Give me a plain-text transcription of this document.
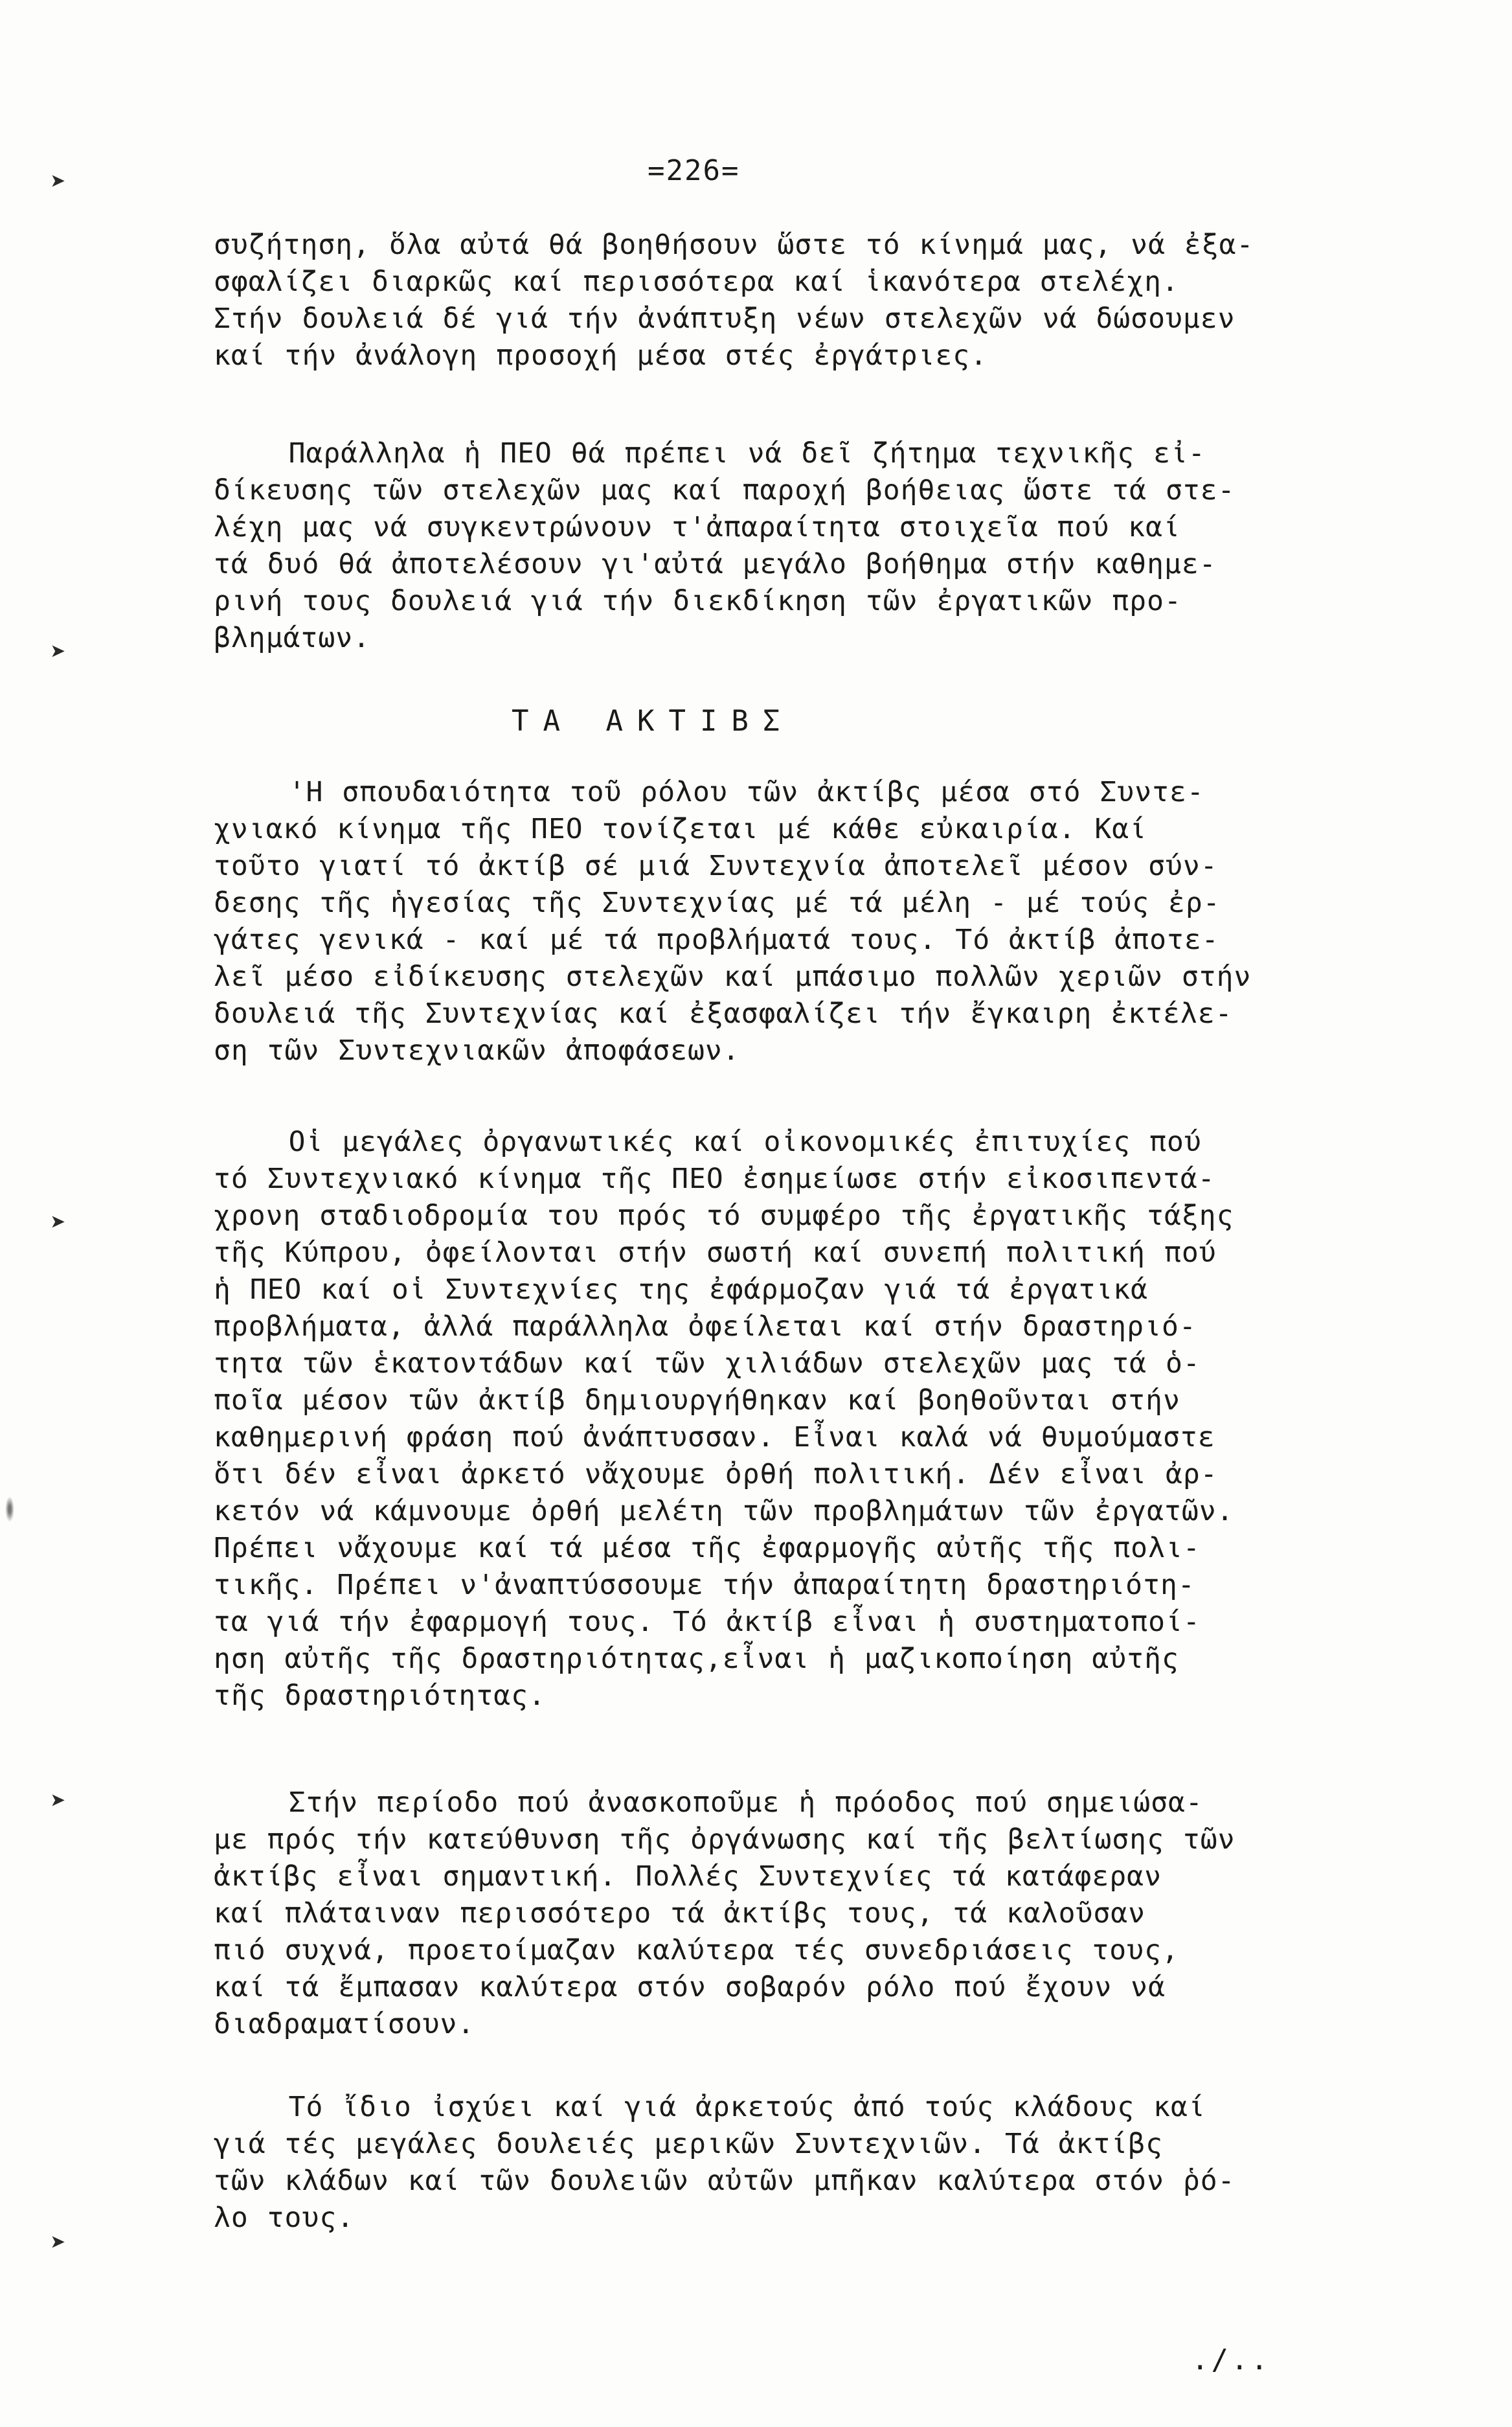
➤
➤
➤
➤
➤
=226=
συζήτηση, ὅλα αὐτά θά βοηθήσουν ὥστε τό κίνημά μας, νά ἐξα-
σφαλίζει διαρκῶς καί περισσότερα καί ἱκανότερα στελέχη.
Στήν δουλειά δέ γιά τήν ἀνάπτυξη νέων στελεχῶν νά δώσουμεν
καί τήν ἀνάλογη προσοχή μέσα στές ἐργάτριες.
Παράλληλα ἡ ΠΕΟ θά πρέπει νά δεῖ ζήτημα τεχνικῆς εἰ-
δίκευσης τῶν στελεχῶν μας καί παροχή βοήθειας ὥστε τά στε-
λέχη μας νά συγκεντρώνουν τ'ἀπαραίτητα στοιχεῖα πού καί
τά δυό θά ἀποτελέσουν γι'αὐτά μεγάλο βοήθημα στήν καθημε-
ρινή τους δουλειά γιά τήν διεκδίκηση τῶν ἐργατικῶν προ-
βλημάτων.
ΤΑ ΑΚΤΙΒΣ
'Η σπουδαιότητα τοῦ ρόλου τῶν ἀκτίβς μέσα στό Συντε-
χνιακό κίνημα τῆς ΠΕΟ τονίζεται μέ κάθε εὐκαιρία. Καί
τοῦτο γιατί τό ἀκτίβ σέ μιά Συντεχνία ἀποτελεῖ μέσον σύν-
δεσης τῆς ἡγεσίας τῆς Συντεχνίας μέ τά μέλη - μέ τούς ἐρ-
γάτες γενικά - καί μέ τά προβλήματά τους. Τό ἀκτίβ ἀποτε-
λεῖ μέσο εἰδίκευσης στελεχῶν καί μπάσιμο πολλῶν χεριῶν στήν
δουλειά τῆς Συντεχνίας καί ἐξασφαλίζει τήν ἔγκαιρη ἐκτέλε-
ση τῶν Συντεχνιακῶν ἀποφάσεων.
Οἱ μεγάλες ὀργανωτικές καί οἰκονομικές ἐπιτυχίες πού
τό Συντεχνιακό κίνημα τῆς ΠΕΟ ἐσημείωσε στήν εἰκοσιπεντά-
χρονη σταδιοδρομία του πρός τό συμφέρο τῆς ἐργατικῆς τάξης
τῆς Κύπρου, ὀφείλονται στήν σωστή καί συνεπή πολιτική πού
ἡ ΠΕΟ καί οἱ Συντεχνίες της ἐφάρμοζαν γιά τά ἐργατικά
προβλήματα, ἀλλά παράλληλα ὀφείλεται καί στήν δραστηριό-
τητα τῶν ἑκατοντάδων καί τῶν χιλιάδων στελεχῶν μας τά ὁ-
ποῖα μέσον τῶν ἀκτίβ δημιουργήθηκαν καί βοηθοῦνται στήν
καθημερινή φράση πού ἀνάπτυσσαν. Εἶναι καλά νά θυμούμαστε
ὅτι δέν εἶναι ἀρκετό νἄχουμε ὀρθή πολιτική. Δέν εἶναι ἀρ-
κετόν νά κάμνουμε ὀρθή μελέτη τῶν προβλημάτων τῶν ἐργατῶν.
Πρέπει νἄχουμε καί τά μέσα τῆς ἐφαρμογῆς αὐτῆς τῆς πολι-
τικῆς. Πρέπει ν'ἀναπτύσσουμε τήν ἀπαραίτητη δραστηριότη-
τα γιά τήν ἐφαρμογή τους. Τό ἀκτίβ εἶναι ἡ συστηματοποί-
ηση αὐτῆς τῆς δραστηριότητας,εἶναι ἡ μαζικοποίηση αὐτῆς
τῆς δραστηριότητας.
Στήν περίοδο πού ἀνασκοποῦμε ἡ πρόοδος πού σημειώσα-
με πρός τήν κατεύθυνση τῆς ὀργάνωσης καί τῆς βελτίωσης τῶν
ἀκτίβς εἶναι σημαντική. Πολλές Συντεχνίες τά κατάφεραν
καί πλάταιναν περισσότερο τά ἀκτίβς τους, τά καλοῦσαν
πιό συχνά, προετοίμαζαν καλύτερα τές συνεδριάσεις τους,
καί τά ἔμπασαν καλύτερα στόν σοβαρόν ρόλο πού ἔχουν νά
διαδραματίσουν.
Τό ἴδιο ἰσχύει καί γιά ἀρκετούς ἀπό τούς κλάδους καί
γιά τές μεγάλες δουλειές μερικῶν Συντεχνιῶν. Τά ἀκτίβς
τῶν κλάδων καί τῶν δουλειῶν αὐτῶν μπῆκαν καλύτερα στόν ῥό-
λο τους.
./..
